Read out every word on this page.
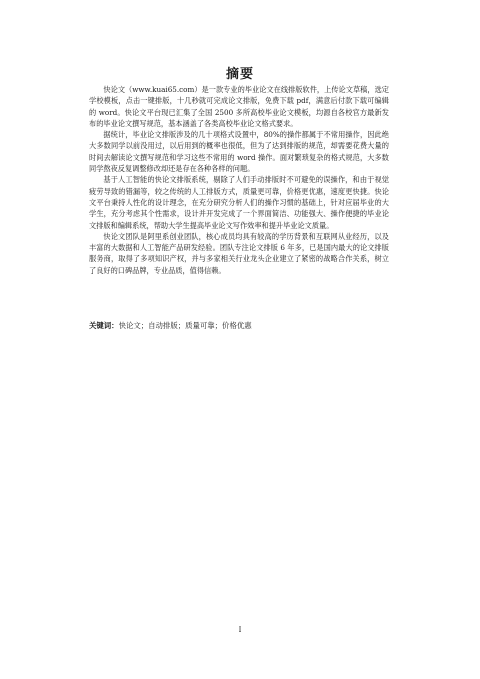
摘要

快论文（www.kuai65.com）是一款专业的毕业论文在线排版软件，上传论文草稿，选定学校模板，点击一键排版，十几秒就可完成论文排版，免费下载 pdf，满意后付款下载可编辑的 word。快论文平台现已汇集了全国 2500 多所高校毕业论文模板，均源自各校官方最新发布的毕业论文撰写规范，基本涵盖了各类高校毕业论文格式要求。

据统计，毕业论文排版涉及的几十项格式设置中，80%的操作都属于不常用操作，因此绝大多数同学以前没用过，以后用到的概率也很低，但为了达到排版的规范，却需要花费大量的时间去解读论文撰写规范和学习这些不常用的 word 操作。面对繁琐复杂的格式规范，大多数同学熬夜反复调整修改却还是存在各种各样的问题。

基于人工智能的快论文排版系统，剔除了人们手动排版时不可避免的误操作，和由于视觉疲劳导致的错漏等，较之传统的人工排版方式，质量更可靠，价格更优惠，速度更快捷。快论文平台秉持人性化的设计理念，在充分研究分析人们的操作习惯的基础上，针对应届毕业的大学生，充分考虑其个性需求，设计并开发完成了一个界面简洁、功能强大、操作便捷的毕业论文排版和编辑系统，帮助大学生提高毕业论文写作效率和提升毕业论文质量。

快论文团队是阿里系创业团队，核心成员均具有较高的学历背景和互联网从业经历，以及丰富的大数据和人工智能产品研发经验。团队专注论文排版 6 年多，已是国内最大的论文排版服务商，取得了多项知识产权，并与多家相关行业龙头企业建立了紧密的战略合作关系，树立了良好的口碑品牌，专业品质，值得信赖。

关键词：快论文；自动排版；质量可靠；价格优惠

I
